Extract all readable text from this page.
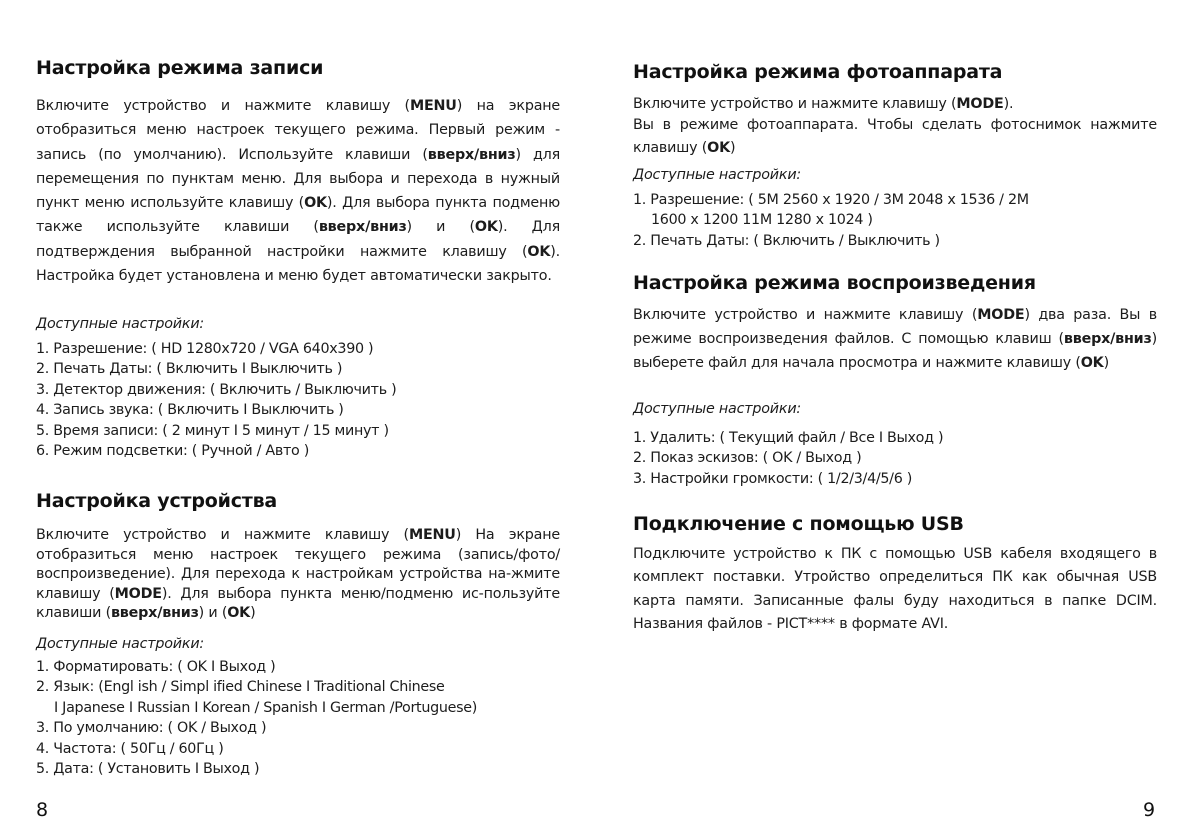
Настройка режима записи

Включите устройство и нажмите клавишу (MENU) на экране отобразиться меню настроек текущего режима. Первый режим - запись (по умолчанию). Используйте клавиши (вверх/вниз) для перемещения по пунктам меню. Для выбора и перехода в нужный пункт меню используйте клавишу (OK). Для выбора пункта подменю также используйте клавиши (вверх/вниз) и (OK). Для подтверждения выбранной настройки нажмите клавишу (OK). Настройка будет установлена и меню будет автоматически закрыто.

Доступные настройки:

1. Разрешение: ( HD 1280x720 / VGA 640x390 )
2. Печать Даты: ( Включить I Выключить )
3. Детектор движения: ( Включить / Выключить )
4. Запись звука: ( Включить I Выключить )
5. Время записи: ( 2 минут I 5 минут / 15 минут )
6. Режим подсветки: ( Ручной / Авто )
Настройка устройства

Включите устройство и нажмите клавишу (MENU) На экране отобразиться меню настроек текущего режима (запись/фото/ воспроизведение). Для перехода к настройкам устройства на-жмите клавишу (MODE). Для выбора пункта меню/подменю ис-пользуйте клавиши (вверх/вниз) и (OK)

Доступные настройки:

1. Форматировать: ( OK I Выход )
2. Язык: (Engl ish / Simpl ified Chinese I Traditional Chinese
I Japanese I Russian I Korean / Spanish I German /Portuguese)
3. По умолчанию: ( OK / Выход )
4. Частота: ( 50Гц / 60Гц )
5. Дата: ( Установить I Выход )
8
Настройка режима фотоаппарата

Включите устройство и нажмите клавишу (MODE).

Вы в режиме фотоаппарата. Чтобы сделать фотоснимок нажмите клавишу (OK)

Доступные настройки:

1. Разрешение: ( 5M 2560 x 1920 / 3M 2048 x 1536 / 2M
1600 x 1200 11M 1280 x 1024 )
2. Печать Даты: ( Включить / Выключить )
Настройка режима воспроизведения

Включите устройство и нажмите клавишу (MODE) два раза. Вы в режиме воспроизведения файлов. С помощью клавиш (вверх/вниз) выберете файл для начала просмотра и нажмите клавишу (OK)

Доступные настройки:

1. Удалить: ( Текущий файл / Все I Выход )
2. Показ эскизов: ( OK / Выход )
3. Настройки громкости: ( 1/2/3/4/5/6 )
Подключение с помощью USB

Подключите устройство к ПК с помощью USB кабеля входящего в комплект поставки. Утройство определиться ПК как обычная USB карта памяти. Записанные фалы буду находиться в папке DCIM. Названия файлов - PICT**** в формате AVI.

9
